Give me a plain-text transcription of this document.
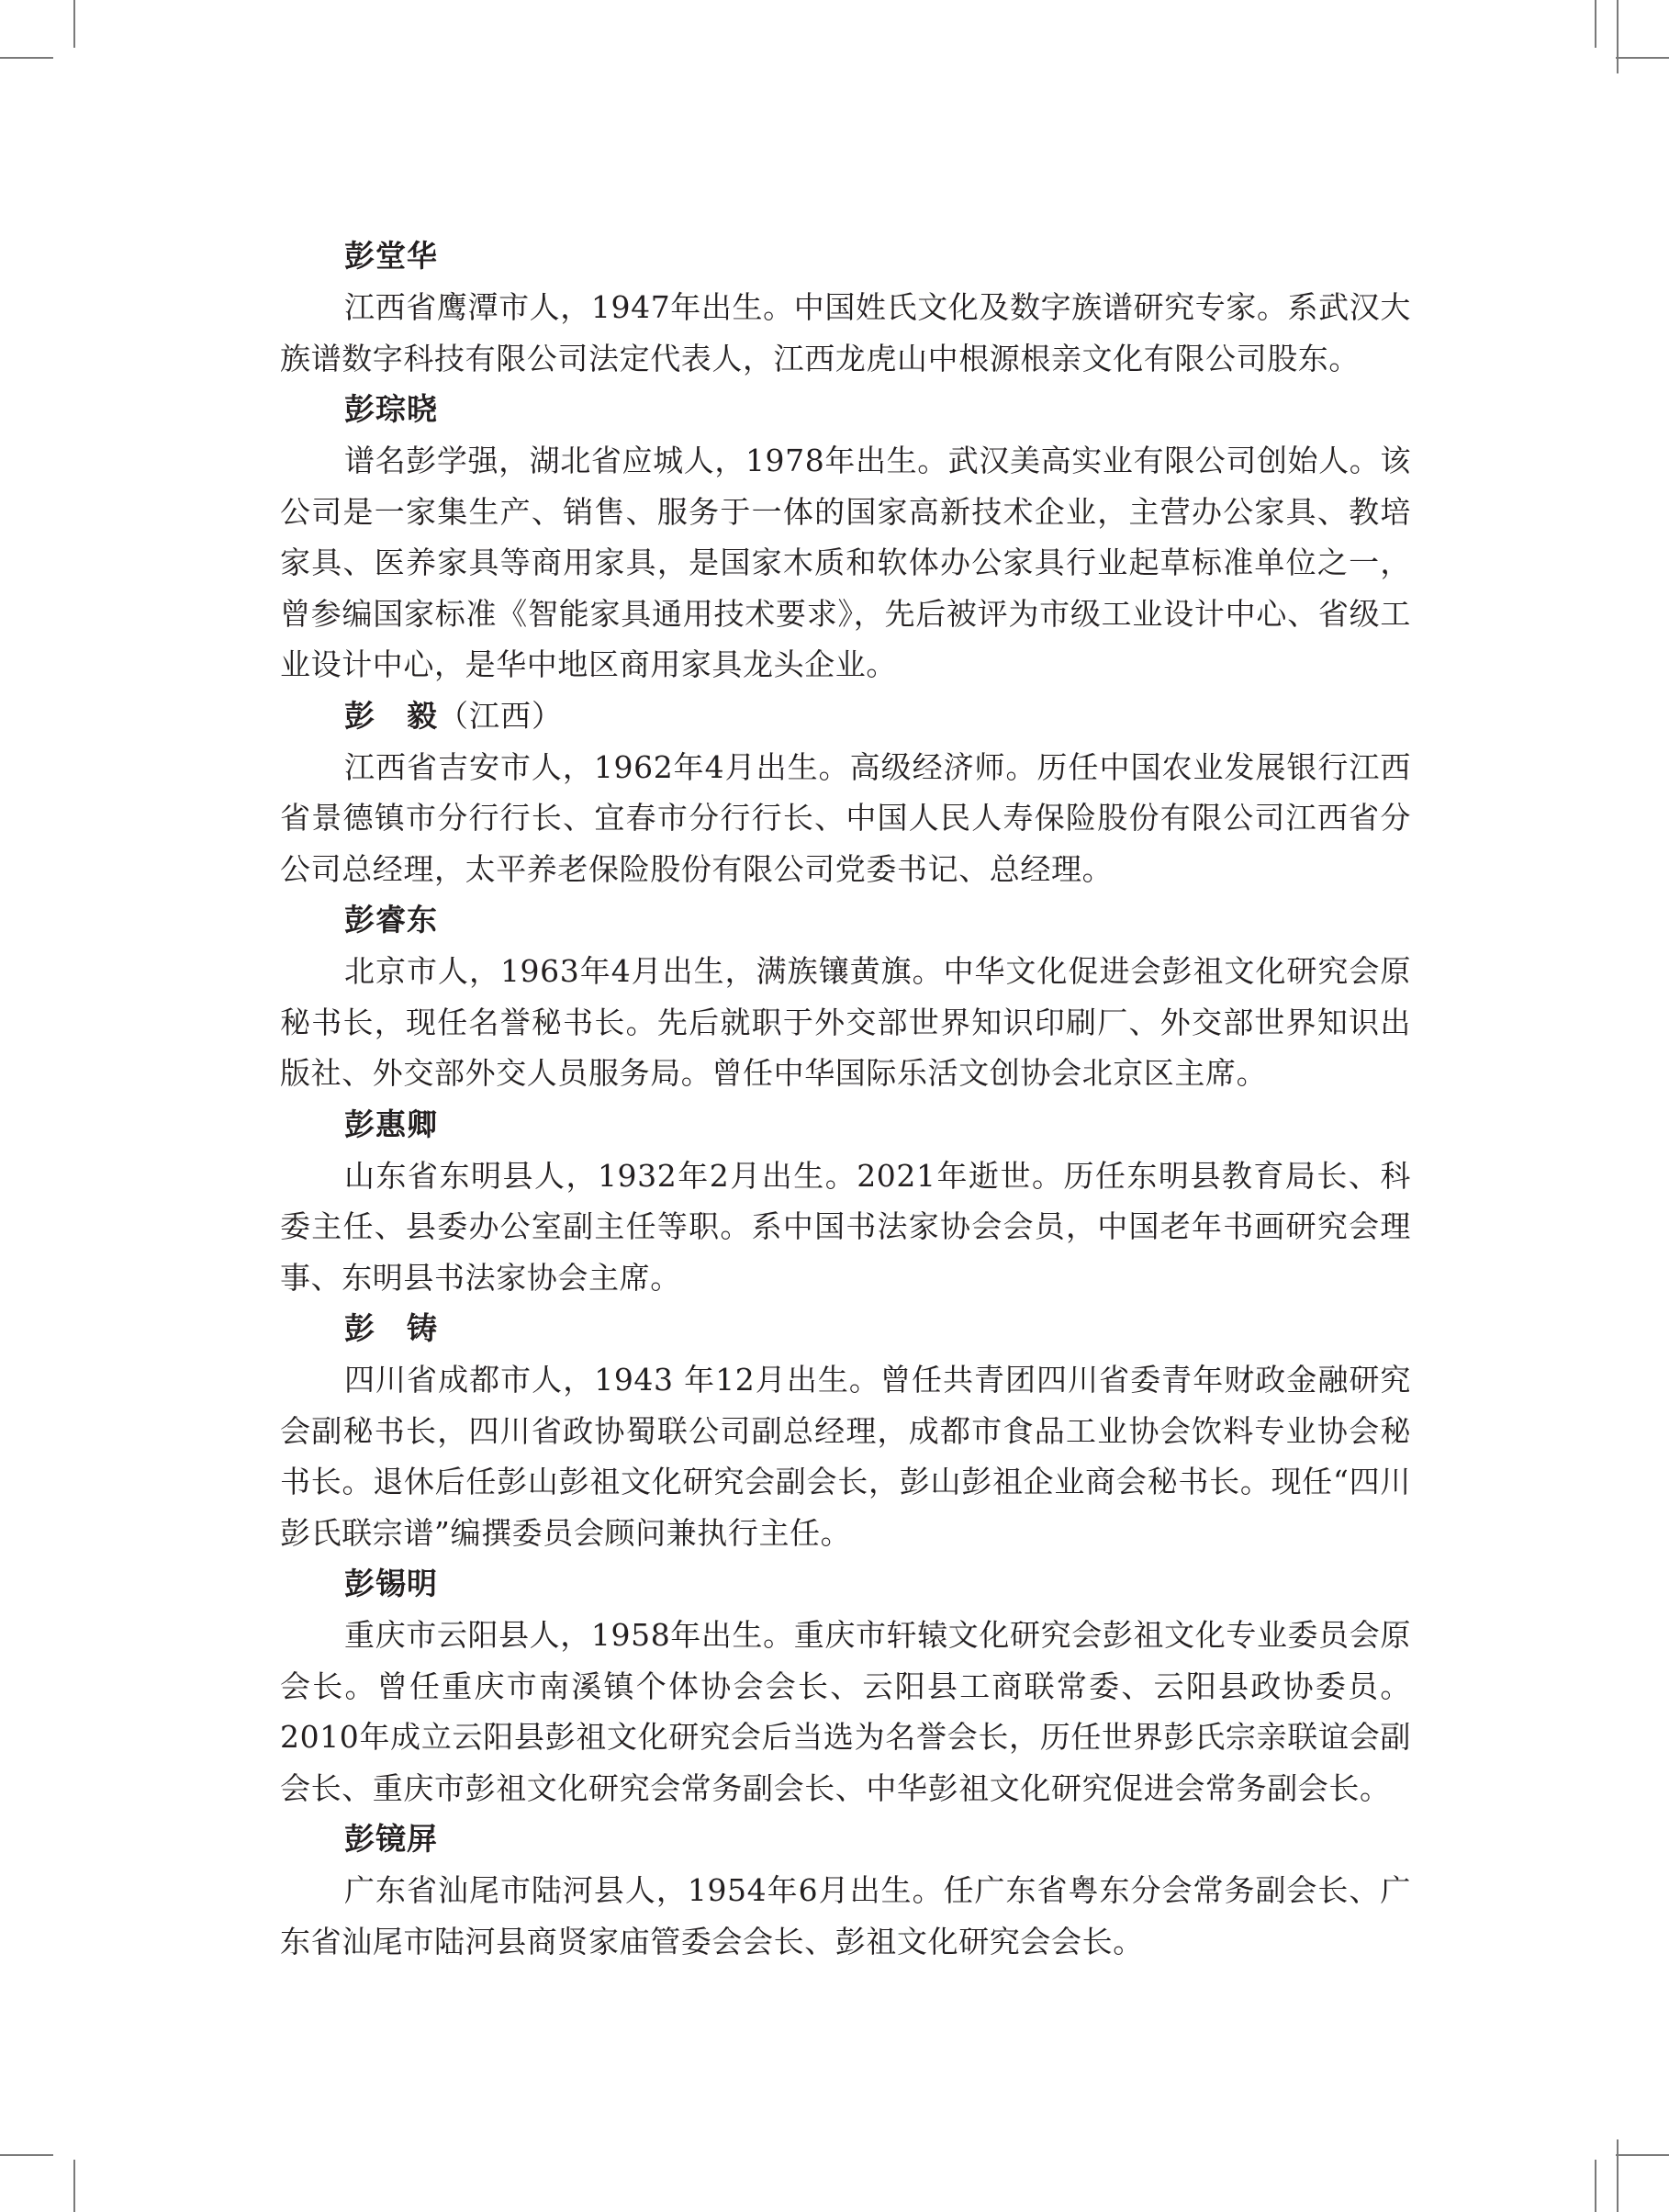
彭堂华

江西省鹰潭市人，1947年出生。中国姓氏文化及数字族谱研究专家。系武汉大族谱数字科技有限公司法定代表人，江西龙虎山中根源根亲文化有限公司股东。

彭琮晓

谱名彭学强，湖北省应城人，1978年出生。武汉美高实业有限公司创始人。该公司是一家集生产、销售、服务于一体的国家高新技术企业，主营办公家具、教培家具、医养家具等商用家具，是国家木质和软体办公家具行业起草标准单位之一，曾参编国家标准《智能家具通用技术要求》，先后被评为市级工业设计中心、省级工业设计中心，是华中地区商用家具龙头企业。

彭　毅（江西）

江西省吉安市人，1962年4月出生。高级经济师。历任中国农业发展银行江西省景德镇市分行行长、宜春市分行行长、中国人民人寿保险股份有限公司江西省分公司总经理，太平养老保险股份有限公司党委书记、总经理。

彭睿东

北京市人，1963年4月出生，满族镶黄旗。中华文化促进会彭祖文化研究会原秘书长，现任名誉秘书长。先后就职于外交部世界知识印刷厂、外交部世界知识出版社、外交部外交人员服务局。曾任中华国际乐活文创协会北京区主席。

彭惠卿

山东省东明县人，1932年2月出生。2021年逝世。历任东明县教育局长、科委主任、县委办公室副主任等职。系中国书法家协会会员，中国老年书画研究会理事、东明县书法家协会主席。

彭　铸

四川省成都市人，1943 年12月出生。曾任共青团四川省委青年财政金融研究会副秘书长，四川省政协蜀联公司副总经理，成都市食品工业协会饮料专业协会秘书长。退休后任彭山彭祖文化研究会副会长，彭山彭祖企业商会秘书长。现任“四川彭氏联宗谱”编撰委员会顾问兼执行主任。

彭锡明

重庆市云阳县人，1958年出生。重庆市轩辕文化研究会彭祖文化专业委员会原会长。曾任重庆市南溪镇个体协会会长、云阳县工商联常委、云阳县政协委员。2010年成立云阳县彭祖文化研究会后当选为名誉会长，历任世界彭氏宗亲联谊会副会长、重庆市彭祖文化研究会常务副会长、中华彭祖文化研究促进会常务副会长。

彭镜屏

广东省汕尾市陆河县人，1954年6月出生。任广东省粤东分会常务副会长、广东省汕尾市陆河县商贤家庙管委会会长、彭祖文化研究会会长。
